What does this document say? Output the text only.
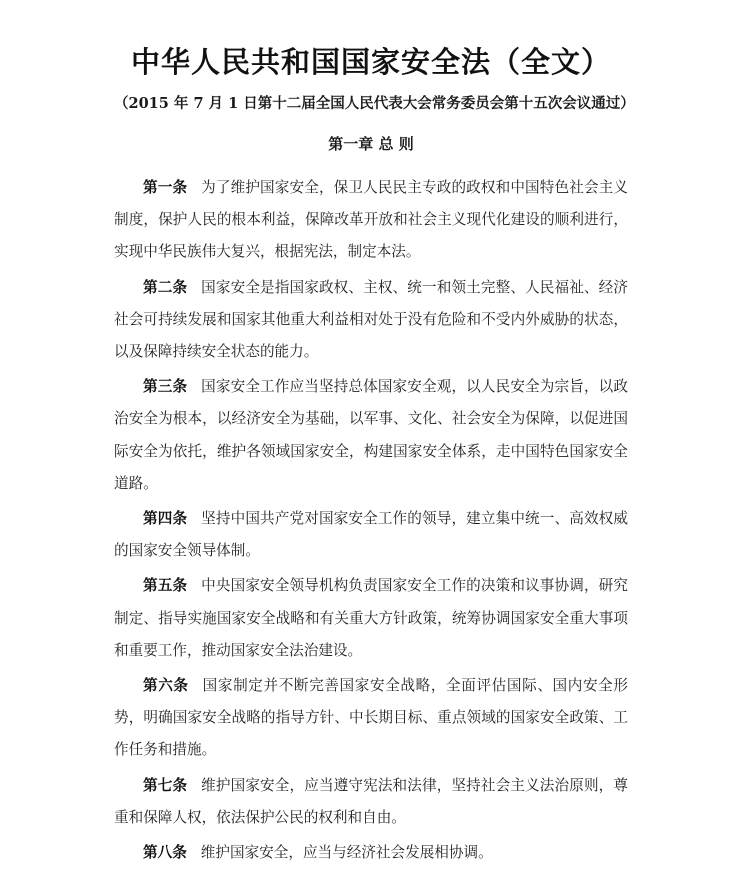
中华人民共和国国家安全法（全文）

（2015 年 7 月 1 日第十二届全国人民代表大会常务委员会第十五次会议通过）

第一章 总 则

第一条 为了维护国家安全，保卫人民民主专政的政权和中国特色社会主义制度，保护人民的根本利益，保障改革开放和社会主义现代化建设的顺利进行，实现中华民族伟大复兴，根据宪法，制定本法。

第二条 国家安全是指国家政权、主权、统一和领土完整、人民福祉、经济社会可持续发展和国家其他重大利益相对处于没有危险和不受内外威胁的状态，以及保障持续安全状态的能力。

第三条 国家安全工作应当坚持总体国家安全观，以人民安全为宗旨，以政治安全为根本，以经济安全为基础，以军事、文化、社会安全为保障，以促进国际安全为依托，维护各领域国家安全，构建国家安全体系，走中国特色国家安全道路。

第四条 坚持中国共产党对国家安全工作的领导，建立集中统一、高效权威的国家安全领导体制。

第五条 中央国家安全领导机构负责国家安全工作的决策和议事协调，研究制定、指导实施国家安全战略和有关重大方针政策，统筹协调国家安全重大事项和重要工作，推动国家安全法治建设。

第六条 国家制定并不断完善国家安全战略，全面评估国际、国内安全形势，明确国家安全战略的指导方针、中长期目标、重点领域的国家安全政策、工作任务和措施。

第七条 维护国家安全，应当遵守宪法和法律，坚持社会主义法治原则，尊重和保障人权，依法保护公民的权利和自由。

第八条 维护国家安全，应当与经济社会发展相协调。
